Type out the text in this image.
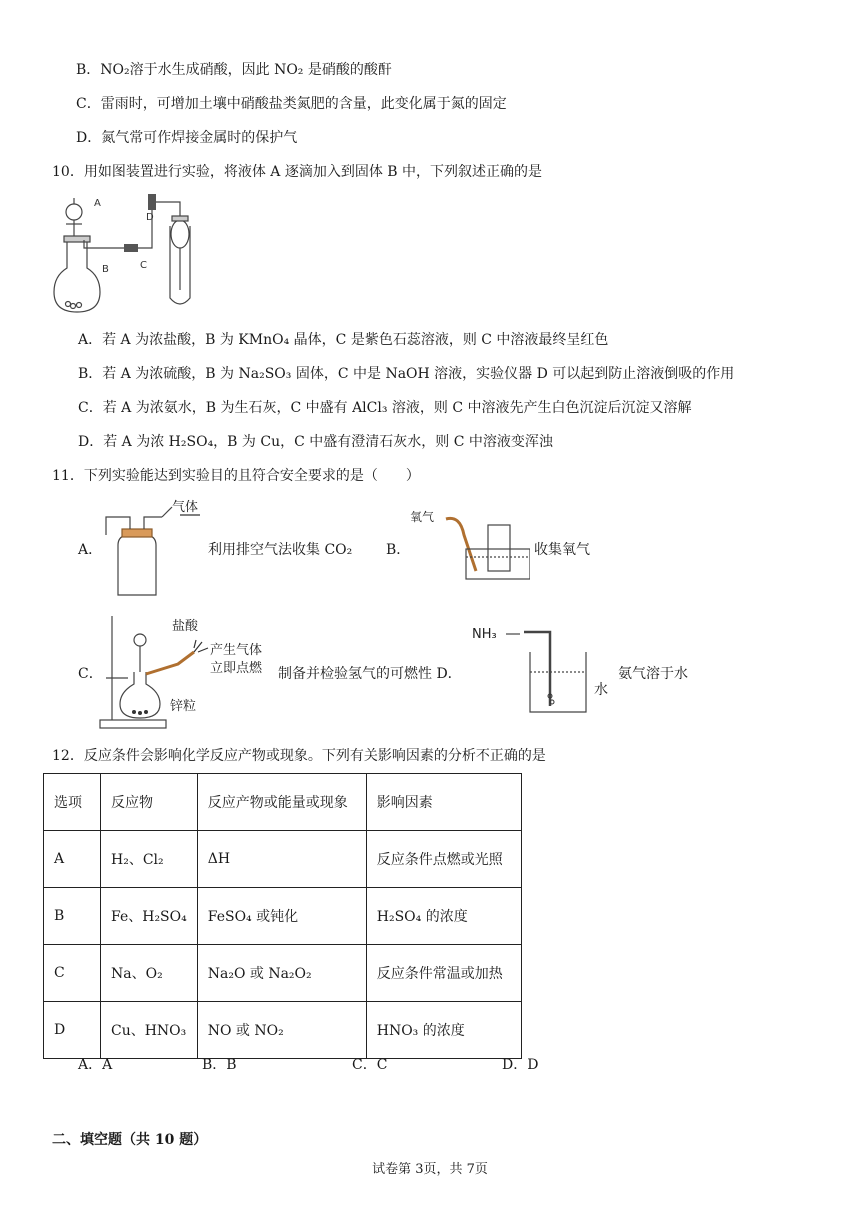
B．NO₂溶于水生成硝酸，因此 NO₂ 是硝酸的酸酐
C．雷雨时，可增加土壤中硝酸盐类氮肥的含量，此变化属于氮的固定
D．氮气常可作焊接金属时的保护气
10．用如图装置进行实验，将液体 A 逐滴加入到固体 B 中，下列叙述正确的是
A
B	C
D
A．若 A 为浓盐酸，B 为 KMnO₄ 晶体，C 是紫色石蕊溶液，则 C 中溶液最终呈红色
B．若 A 为浓硫酸，B 为 Na₂SO₃ 固体，C 中是 NaOH 溶液，实验仪器 D 可以起到防止溶液倒吸的作用
C．若 A 为浓氨水，B 为生石灰，C 中盛有 AlCl₃ 溶液，则 C 中溶液先产生白色沉淀后沉淀又溶解
D．若 A 为浓 H₂SO₄，B 为 Cu，C 中盛有澄清石灰水，则 C 中溶液变浑浊
11．下列实验能达到实验目的且符合安全要求的是（　　）
A．
气体
利用排空气法收集 CO₂ B．
氧气
收集氧气
C．
盐酸
产生气体
立即点燃
锌粒
制备并检验氢气的可燃性 D．
NH₃
水
氨气溶于水
12．反应条件会影响化学反应产物或现象。下列有关影响因素的分析不正确的是
选项	反应物	反应产物或能量或现象	影响因素
A	H₂、Cl₂	ΔH	反应条件点燃或光照
B	Fe、H₂SO₄	FeSO₄ 或钝化	H₂SO₄ 的浓度
C	Na、O₂	Na₂O 或 Na₂O₂	反应条件常温或加热
D	Cu、HNO₃	NO 或 NO₂	HNO₃ 的浓度
A．A	B．B	C．C	D．D
二、填空题（共 10 题）
试卷第 3页，共 7页
